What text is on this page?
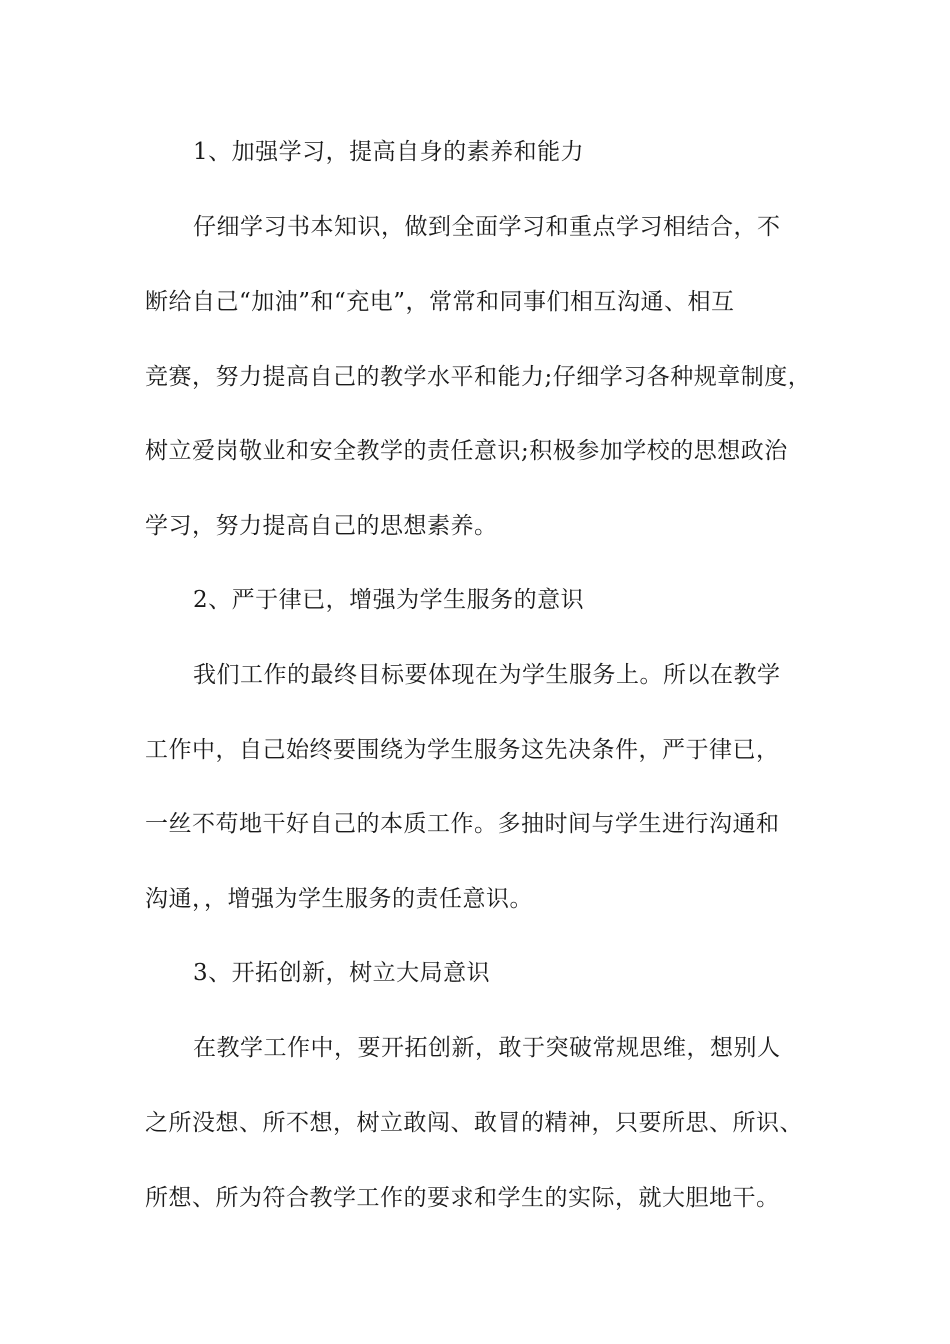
1、加强学习，提高自身的素养和能力
仔细学习书本知识，做到全面学习和重点学习相结合，不
断给自己“加油”和“充电”，常常和同事们相互沟通、相互
竞赛，努力提高自己的教学水平和能力;仔细学习各种规章制度，
树立爱岗敬业和安全教学的责任意识;积极参加学校的思想政治
学习，努力提高自己的思想素养。
2、严于律已，增强为学生服务的意识
我们工作的最终目标要体现在为学生服务上。所以在教学
工作中，自己始终要围绕为学生服务这先决条件，严于律已，
一丝不苟地干好自己的本质工作。多抽时间与学生进行沟通和
沟通，，增强为学生服务的责任意识。
3、开拓创新，树立大局意识
在教学工作中，要开拓创新，敢于突破常规思维，想别人
之所没想、所不想，树立敢闯、敢冒的精神，只要所思、所识、
所想、所为符合教学工作的要求和学生的实际，就大胆地干。
